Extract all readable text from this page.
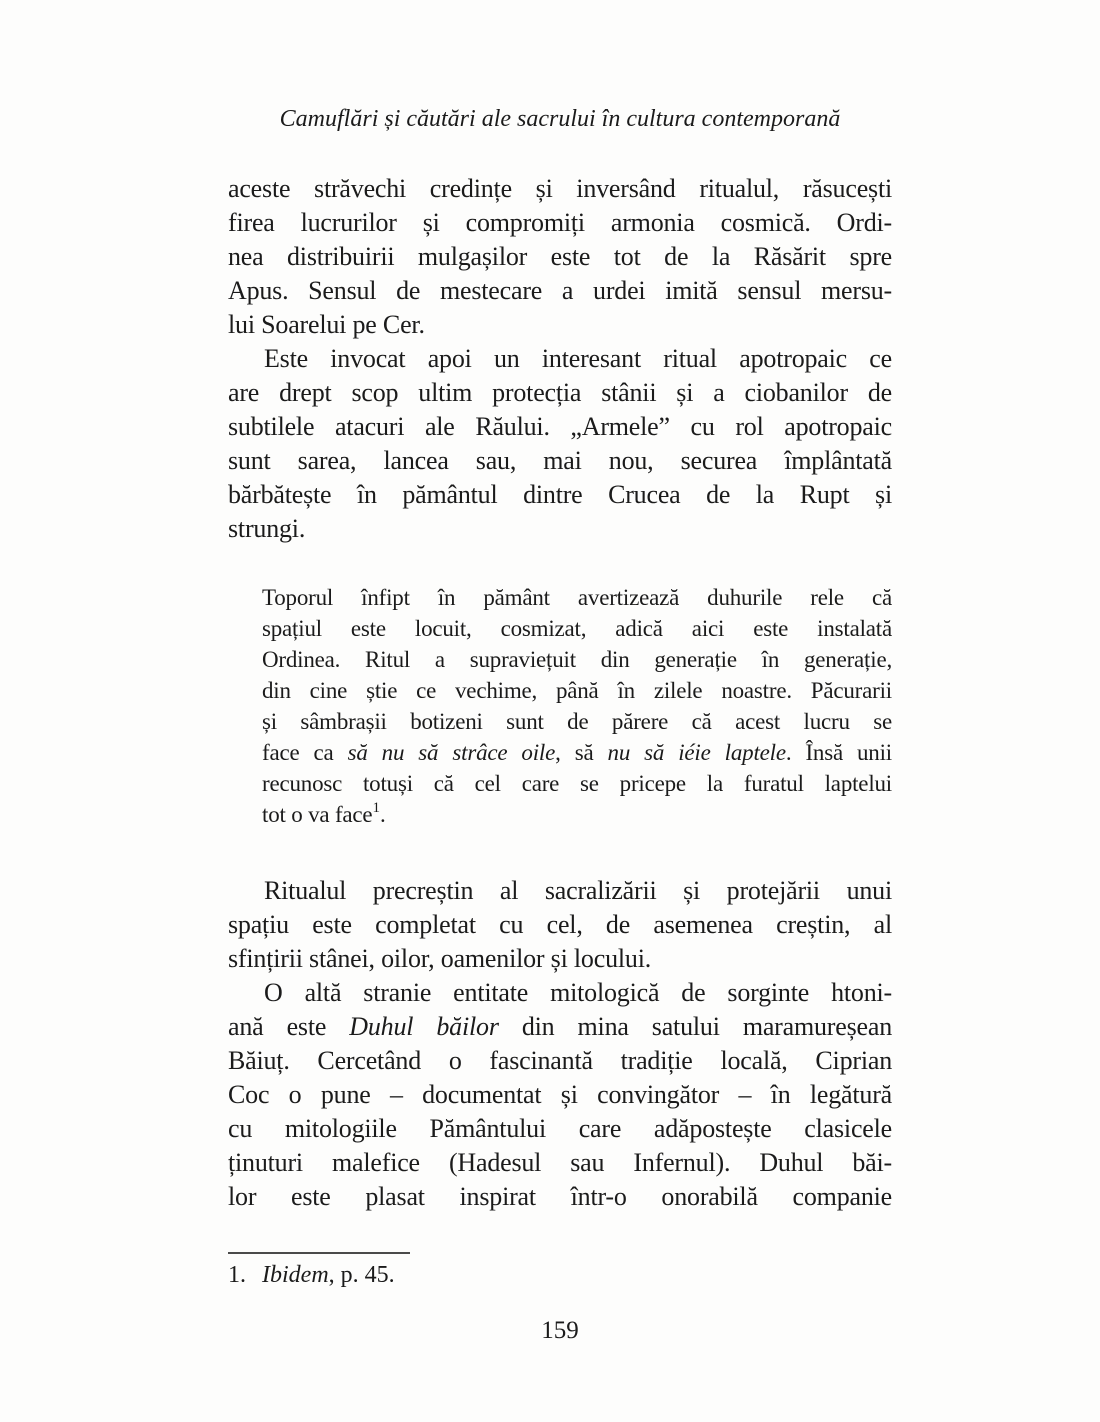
Camuflări și căutări ale sacrului în cultura contemporană
aceste străvechi credințe și inversând ritualul, răsucești
firea lucrurilor și compromiți armonia cosmică. Ordi-
nea distribuirii mulgașilor este tot de la Răsărit spre
Apus. Sensul de mestecare a urdei imită sensul mersu-
lui Soarelui pe Cer.
Este invocat apoi un interesant ritual apotropaic ce
are drept scop ultim protecția stânii și a ciobanilor de
subtilele atacuri ale Răului. „Armele” cu rol apotropaic
sunt sarea, lancea sau, mai nou, securea împlântată
bărbătește în pământul dintre Crucea de la Rupt și
strungi.
Toporul înfipt în pământ avertizează duhurile rele că
spațiul este locuit, cosmizat, adică aici este instalată
Ordinea. Ritul a supraviețuit din generație în generație,
din cine știe ce vechime, până în zilele noastre. Păcurarii
și sâmbrașii botizeni sunt de părere că acest lucru se
face ca să nu să strâce oile, să nu să iéie laptele. Însă unii
recunosc totuși că cel care se pricepe la furatul laptelui
tot o va face$^1$.
Ritualul precreștin al sacralizării și protejării unui
spațiu este completat cu cel, de asemenea creștin, al
sfințirii stânei, oilor, oamenilor și locului.
O altă stranie entitate mitologică de sorginte htoni-
ană este Duhul băilor din mina satului maramureșean
Băiuț. Cercetând o fascinantă tradiție locală, Ciprian
Coc o pune – documentat și convingător – în legătură
cu mitologiile Pământului care adăpostește clasicele
ținuturi malefice (Hadesul sau Infernul). Duhul băi-
lor este plasat inspirat într-o onorabilă companie
1. Ibidem, p. 45.
159
